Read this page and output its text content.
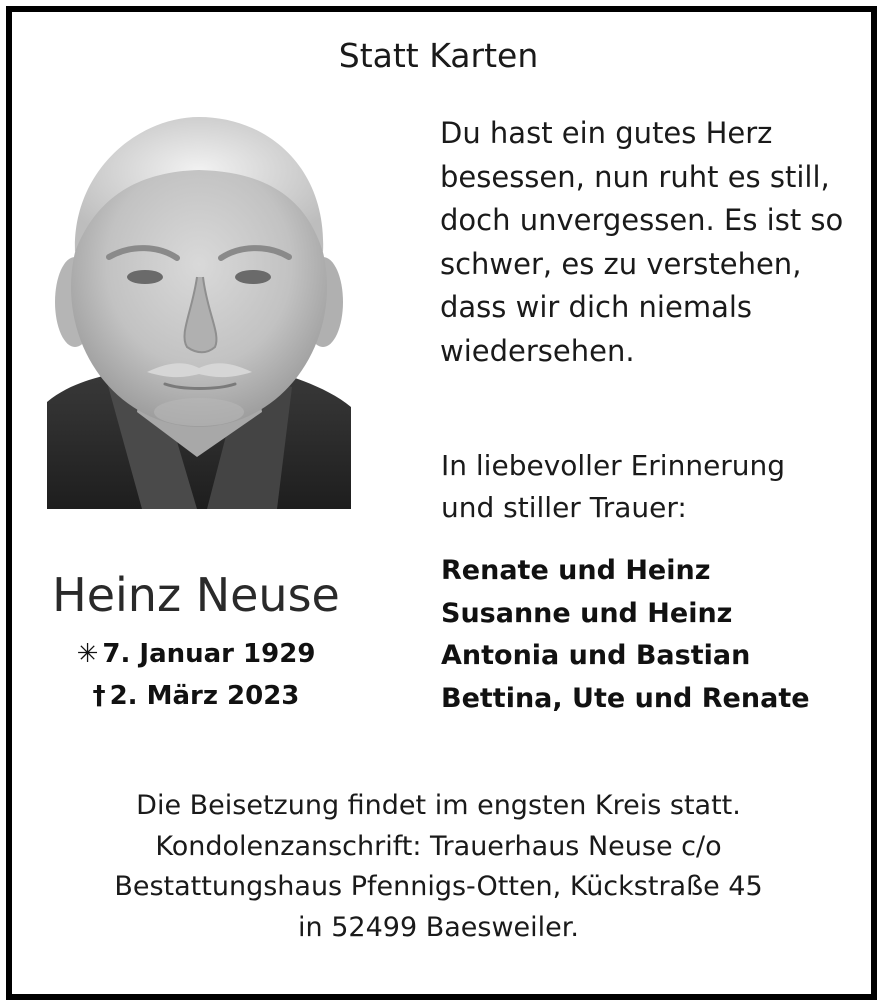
Statt Karten
Du hast ein gutes Herz
besessen, nun ruht es still,
doch unvergessen. Es ist so
schwer, es zu verstehen,
dass wir dich niemals
wiedersehen.
In liebevoller Erinnerung
und stiller Trauer:
Renate und Heinz
Susanne und Heinz
Antonia und Bastian
Bettina, Ute und Renate
Heinz Neuse
✳ 7. Januar 1929
† 2. März 2023
Die Beisetzung findet im engsten Kreis statt.
Kondolenzanschrift: Trauerhaus Neuse c/o
Bestattungshaus Pfennigs-Otten, Kückstraße 45
in 52499 Baesweiler.
